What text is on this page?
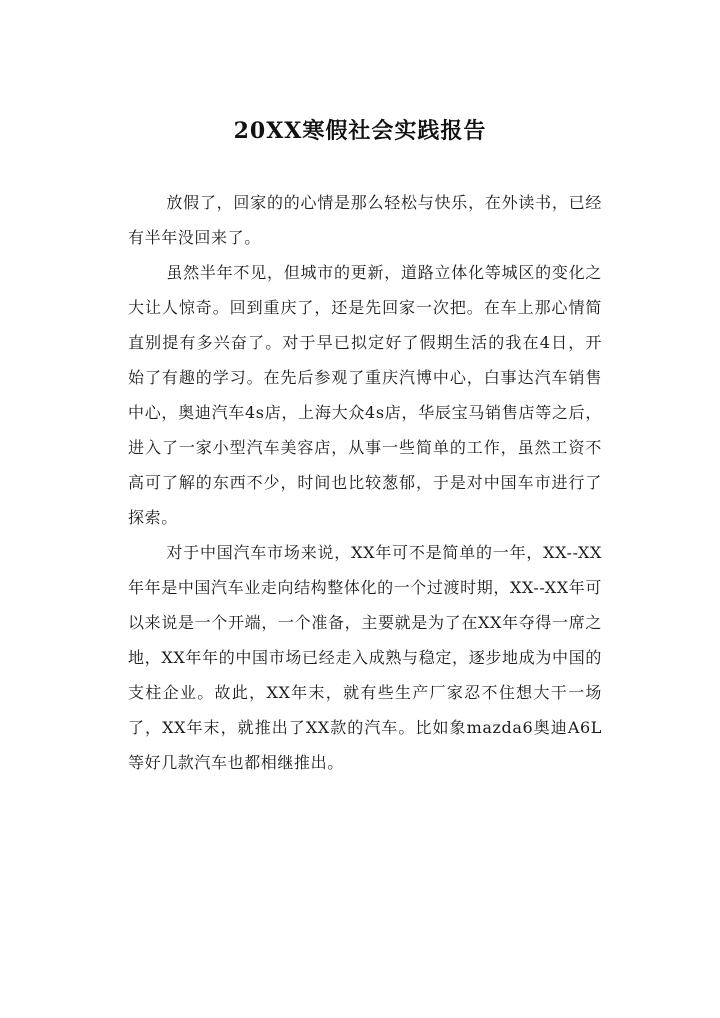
20XX寒假社会实践报告

放假了，回家的的心情是那么轻松与快乐，在外读书，已经有半年没回来了。

虽然半年不见，但城市的更新，道路立体化等城区的变化之大让人惊奇。回到重庆了，还是先回家一次把。在车上那心情简直别提有多兴奋了。对于早已拟定好了假期生活的我在4日，开始了有趣的学习。在先后参观了重庆汽博中心，白事达汽车销售中心，奥迪汽车4s店，上海大众4s店，华辰宝马销售店等之后，进入了一家小型汽车美容店，从事一些简单的工作，虽然工资不高可了解的东西不少，时间也比较葱郁，于是对中国车市进行了探索。

对于中国汽车市场来说，XX年可不是简单的一年，XX--XX年年是中国汽车业走向结构整体化的一个过渡时期，XX--XX年可以来说是一个开端，一个准备，主要就是为了在XX年夺得一席之地，XX年年的中国市场已经走入成熟与稳定，逐步地成为中国的支柱企业。故此，XX年末，就有些生产厂家忍不住想大干一场了，XX年末，就推出了XX款的汽车。比如象mazda6奥迪A6L等好几款汽车也都相继推出。
